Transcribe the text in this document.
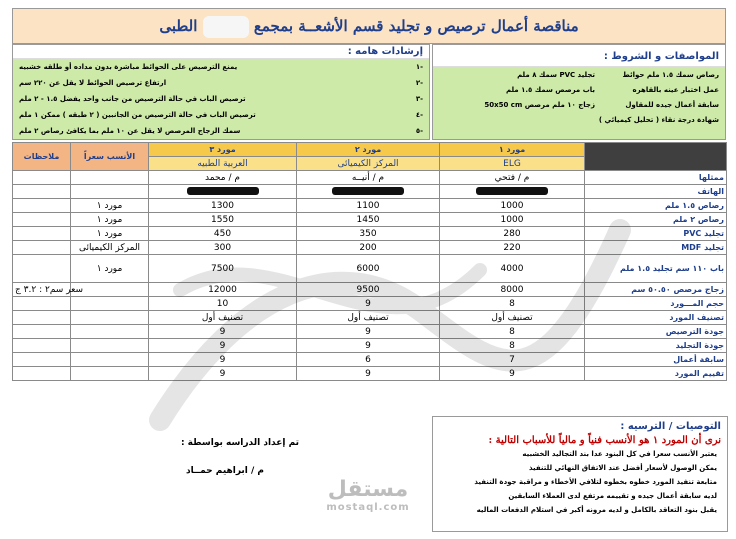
مناقصة أعمال ترصيص و تجليد قسم الأشعــة بمجمع  الطبى
المواصفات و الشروط :
رصاص سمك ١.٥ ملم حوائط
تجليد PVC سمك ٨ ملم
عمل اختبار عينه بالقاهره
باب مرصص سمك ١.٥ ملم
سابقة أعمال جيده للمقاول
زجاج ١٠ ملم مرصص 50x50 cm
شهادة درجة نقاء ( تحليل كيميائي )
إرشادات هامه :
-١
يمنع الترصيص على الحوائط مباشرة بدون مداده أو طلقه خشبيه
-٢
ارتفاع ترصيص الحوائط لا يقل عن ٢٢٠ سم
-٣
ترصيص الباب في حالة الترصيص من جانب واحد يفضل ١.٥ - ٢ ملم
-٤
ترصيص الباب في حالة الترصيص من الجانبين ( ٢ طبقه ) ممكن ١ ملم
-٥
سمك الزجاج المرصص لا يقل عن ١٠ ملم بما يكافئ رصاص ٢ ملم
ملاحظات	الأنسب سعراً	مورد ٣	مورد ٢	مورد ١	
		العربية الطبيه	المركز الكيميائى	ELG	
		م / محمد	م / أنيــه	م / فتحي	ممثلها
					الهاتف
	مورد ١	1300	1100	1000	رصاص ١.٥ ملم
	مورد ١	1550	1450	1000	رصاص ٢ ملم
	مورد ١	450	350	280	تجليد PVC
	المركز الكيميائى	300	200	220	تجليد MDF
	مورد ١	7500	6000	4000	باب ١١٠ سم تجليد ١.٥ ملم
سعر سم٢ : ٣.٢ ج		12000	9500	8000	زجاج مرصص ٥٠.٥٠ سم
		10	9	8	حجم المـــورد
		تصنيف أول	تصنيف أول	تصنيف أول	تصنيف المورد
		9	9	8	جودة الترصيص
		9	9	8	جودة التجليد
		9	6	7	سابقة أعمال
		9	9	9	تقييم المورد
التوصيات / الترسيه :
نرى أن المورد ١ هو الأنسب فنياً و مالياً للأسباب التالية :
يعتبر الأنسب سعرا في كل البنود عدا بند التجاليد الخشبيه
يمكن الوصول لأسعار أفضل عند الاتفاق النهائي للتنفيذ
متابعة تنفيذ المورد خطوه بخطوه لتلافي الأخطاء و مراقبة جودة التنفيذ
لديه سابقة أعمال جيده و تقييمه مرتفع لدى العملاء السابقين
يقبل بنود التعاقد بالكامل و لديه مرونه أكبر في استلام الدفعات الماليه
تم إعداد الدراسه بواسطة :
م / ابراهيم حمــاد
مستقل
mostaql.com
